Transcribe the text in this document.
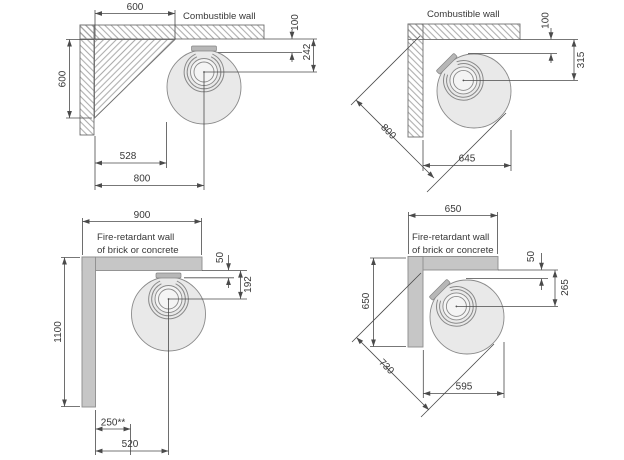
Combustible wall
600
600
100
242
528
800
Combustible wall	100
315
800
645
Fire-retardant wall
of brick or concrete
900
1100
50
192
250**
520
Fire-retardant wall
of brick or concrete
650
650
50
265
730
595
